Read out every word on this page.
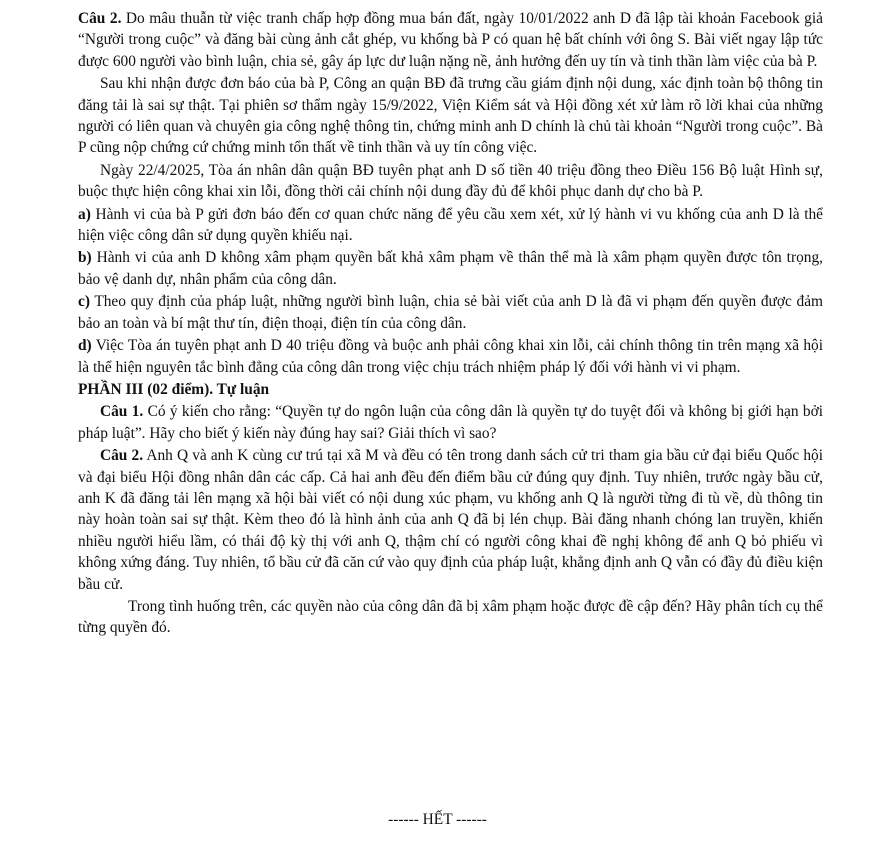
Câu 2. Do mâu thuẫn từ việc tranh chấp hợp đồng mua bán đất, ngày 10/01/2022 anh D đã lập tài khoản Facebook giả “Người trong cuộc” và đăng bài cùng ảnh cắt ghép, vu khống bà P có quan hệ bất chính với ông S. Bài viết ngay lập tức được 600 người vào bình luận, chia sẻ, gây áp lực dư luận nặng nề, ảnh hưởng đến uy tín và tinh thần làm việc của bà P.

Sau khi nhận được đơn báo của bà P, Công an quận BĐ đã trưng cầu giám định nội dung, xác định toàn bộ thông tin đăng tải là sai sự thật. Tại phiên sơ thẩm ngày 15/9/2022, Viện Kiểm sát và Hội đồng xét xử làm rõ lời khai của những người có liên quan và chuyên gia công nghệ thông tin, chứng minh anh D chính là chủ tài khoản “Người trong cuộc”. Bà P cũng nộp chứng cứ chứng minh tổn thất về tinh thần và uy tín công việc.

Ngày 22/4/2025, Tòa án nhân dân quận BĐ tuyên phạt anh D số tiền 40 triệu đồng theo Điều 156 Bộ luật Hình sự, buộc thực hiện công khai xin lỗi, đồng thời cải chính nội dung đầy đủ để khôi phục danh dự cho bà P.

a) Hành vi của bà P gửi đơn báo đến cơ quan chức năng để yêu cầu xem xét, xử lý hành vi vu khống của anh D là thể hiện việc công dân sử dụng quyền khiếu nại.

b) Hành vi của anh D không xâm phạm quyền bất khả xâm phạm về thân thể mà là xâm phạm quyền được tôn trọng, bảo vệ danh dự, nhân phẩm của công dân.

c) Theo quy định của pháp luật, những người bình luận, chia sẻ bài viết của anh D là đã vi phạm đến quyền được đảm bảo an toàn và bí mật thư tín, điện thoại, điện tín của công dân.

d) Việc Tòa án tuyên phạt anh D 40 triệu đồng và buộc anh phải công khai xin lỗi, cải chính thông tin trên mạng xã hội là thể hiện nguyên tắc bình đẳng của công dân trong việc chịu trách nhiệm pháp lý đối với hành vi vi phạm.

PHẦN III (02 điểm). Tự luận

Câu 1. Có ý kiến cho rằng: “Quyền tự do ngôn luận của công dân là quyền tự do tuyệt đối và không bị giới hạn bởi pháp luật”. Hãy cho biết ý kiến này đúng hay sai? Giải thích vì sao?

Câu 2. Anh Q và anh K cùng cư trú tại xã M và đều có tên trong danh sách cử tri tham gia bầu cử đại biểu Quốc hội và đại biểu Hội đồng nhân dân các cấp. Cả hai anh đều đến điểm bầu cử đúng quy định. Tuy nhiên, trước ngày bầu cử, anh K đã đăng tải lên mạng xã hội bài viết có nội dung xúc phạm, vu khống anh Q là người từng đi tù về, dù thông tin này hoàn toàn sai sự thật. Kèm theo đó là hình ảnh của anh Q đã bị lén chụp. Bài đăng nhanh chóng lan truyền, khiến nhiều người hiểu lầm, có thái độ kỳ thị với anh Q, thậm chí có người công khai đề nghị không để anh Q bỏ phiếu vì không xứng đáng. Tuy nhiên, tổ bầu cử đã căn cứ vào quy định của pháp luật, khẳng định anh Q vẫn có đầy đủ điều kiện bầu cử.

Trong tình huống trên, các quyền nào của công dân đã bị xâm phạm hoặc được đề cập đến? Hãy phân tích cụ thể từng quyền đó.

------ HẾT ------
